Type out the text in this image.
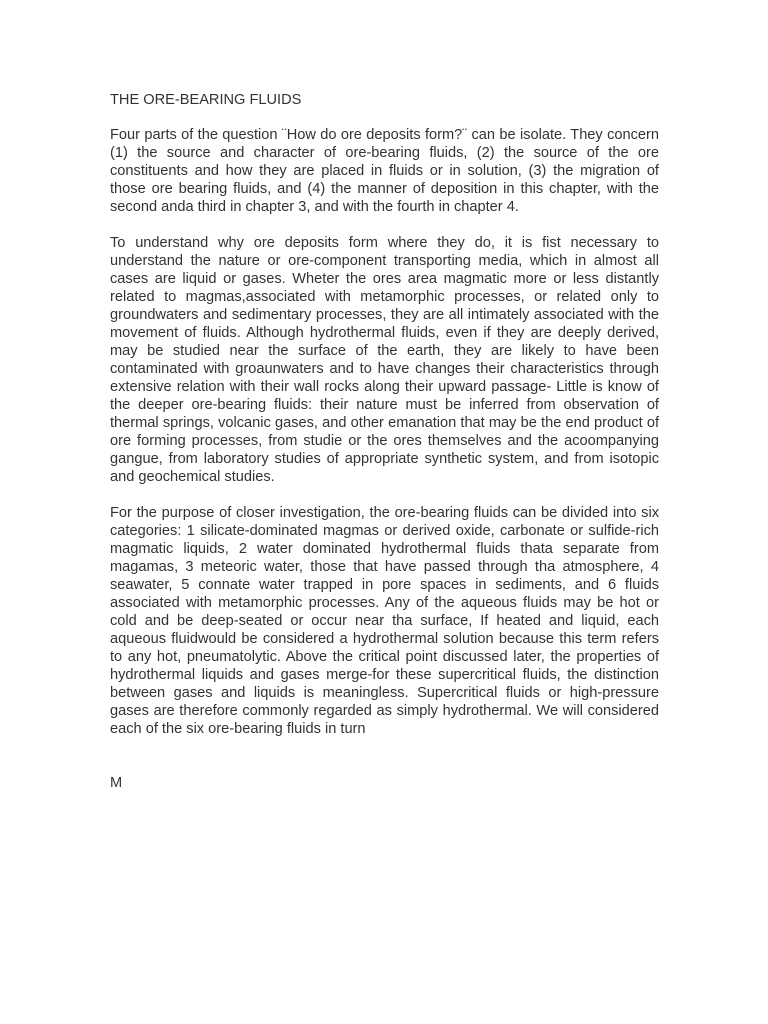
THE ORE-BEARING FLUIDS

Four parts of the question ¨How do ore deposits form?¨ can be isolate. They concern (1) the source and character of ore-bearing fluids, (2) the source of the ore constituents and how they are placed in fluids or in solution, (3) the migration of those ore bearing fluids, and (4) the manner of deposition in this chapter, with the second anda third in chapter 3, and with the fourth in chapter 4.

To understand why ore deposits form where they do, it is fist necessary to understand the nature or ore-component transporting media, which in almost all cases are liquid or gases. Wheter the ores area magmatic more or less distantly related to magmas,associated with metamorphic processes, or related only to groundwaters and sedimentary processes, they are all intimately associated with the movement of fluids. Although hydrothermal fluids, even if they are deeply derived, may be studied near the surface of the earth, they are likely to have been contaminated with groaunwaters and to have changes their characteristics through extensive relation with their wall rocks along their upward passage- Little is know of the deeper ore-bearing fluids: their nature must be inferred from observation of thermal springs, volcanic gases, and other emanation that may be the end product of ore forming processes, from studie or the ores themselves and the acoompanying gangue, from laboratory studies of appropriate synthetic system, and from isotopic and geochemical studies.

For the purpose of closer investigation, the ore-bearing fluids can be divided into six categories: 1 silicate-dominated magmas or derived oxide, carbonate or sulfide-rich magmatic liquids, 2 water dominated hydrothermal fluids thata separate from magamas, 3 meteoric water, those that have passed through tha atmosphere, 4 seawater, 5 connate water trapped in pore spaces in sediments, and 6 fluids associated with metamorphic processes. Any of the aqueous fluids may be hot or cold and be deep-seated or occur near tha surface, If heated and liquid, each aqueous fluidwould be considered a hydrothermal solution because this term refers to any hot, pneumatolytic. Above the critical point discussed later, the properties of hydrothermal liquids and gases merge-for these supercritical fluids, the distinction between gases and liquids is meaningless. Supercritical fluids or high-pressure gases are therefore commonly regarded as simply hydrothermal. We will considered each of the six ore-bearing fluids in turn

M
